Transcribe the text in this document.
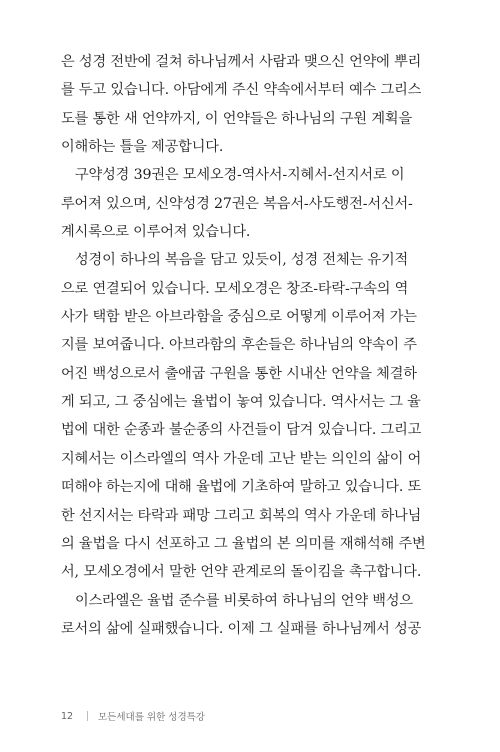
은 성경 전반에 걸쳐 하나님께서 사람과 맺으신 언약에 뿌리
를 두고 있습니다. 아담에게 주신 약속에서부터 예수 그리스
도를 통한 새 언약까지, 이 언약들은 하나님의 구원 계획을
이해하는 틀을 제공합니다.
구약성경 39권은 모세오경-역사서-지혜서-선지서로 이
루어져 있으며, 신약성경 27권은 복음서-사도행전-서신서-
계시록으로 이루어져 있습니다.
성경이 하나의 복음을 담고 있듯이, 성경 전체는 유기적
으로 연결되어 있습니다. 모세오경은 창조-타락-구속의 역
사가 택함 받은 아브라함을 중심으로 어떻게 이루어져 가는
지를 보여줍니다. 아브라함의 후손들은 하나님의 약속이 주
어진 백성으로서 출애굽 구원을 통한 시내산 언약을 체결하
게 되고, 그 중심에는 율법이 놓여 있습니다. 역사서는 그 율
법에 대한 순종과 불순종의 사건들이 담겨 있습니다. 그리고
지혜서는 이스라엘의 역사 가운데 고난 받는 의인의 삶이 어
떠해야 하는지에 대해 율법에 기초하여 말하고 있습니다. 또
한 선지서는 타락과 패망 그리고 회복의 역사 가운데 하나님
의 율법을 다시 선포하고 그 율법의 본 의미를 재해석해 주변
서, 모세오경에서 말한 언약 관계로의 돌이킴을 촉구합니다.
이스라엘은 율법 준수를 비롯하여 하나님의 언약 백성으
로서의 삶에 실패했습니다. 이제 그 실패를 하나님께서 성공
12	모든세대를 위한 성경특강
